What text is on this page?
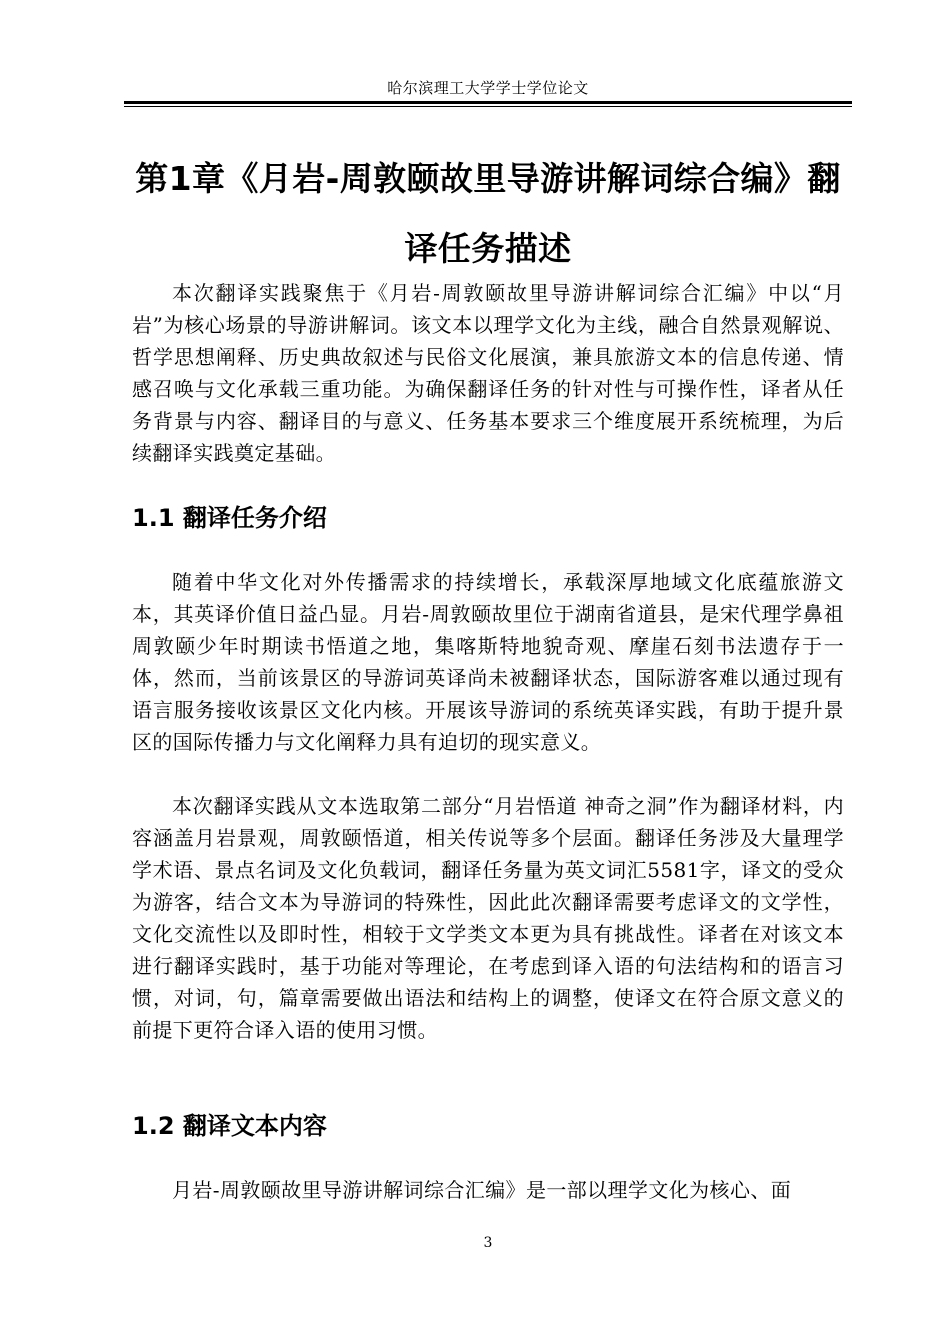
哈尔滨理工大学学士学位论文
第1章《月岩-周敦颐故里导游讲解词综合编》翻译任务描述

本次翻译实践聚焦于《月岩-周敦颐故里导游讲解词综合汇编》中以“月岩”为核心场景的导游讲解词。该文本以理学文化为主线，融合自然景观解说、哲学思想阐释、历史典故叙述与民俗文化展演，兼具旅游文本的信息传递、情感召唤与文化承载三重功能。为确保翻译任务的针对性与可操作性，译者从任务背景与内容、翻译目的与意义、任务基本要求三个维度展开系统梳理，为后续翻译实践奠定基础。

1.1 翻译任务介绍

随着中华文化对外传播需求的持续增长，承载深厚地域文化底蕴旅游文本，其英译价值日益凸显。月岩-周敦颐故里位于湖南省道县，是宋代理学鼻祖周敦颐少年时期读书悟道之地，集喀斯特地貌奇观、摩崖石刻书法遗存于一体，然而，当前该景区的导游词英译尚未被翻译状态，国际游客难以通过现有语言服务接收该景区文化内核。开展该导游词的系统英译实践，有助于提升景区的国际传播力与文化阐释力具有迫切的现实意义。

本次翻译实践从文本选取第二部分“月岩悟道 神奇之洞”作为翻译材料，内容涵盖月岩景观，周敦颐悟道，相关传说等多个层面。翻译任务涉及大量理学学术语、景点名词及文化负载词，翻译任务量为英文词汇5581字，译文的受众为游客，结合文本为导游词的特殊性，因此此次翻译需要考虑译文的文学性，文化交流性以及即时性，相较于文学类文本更为具有挑战性。译者在对该文本进行翻译实践时，基于功能对等理论，在考虑到译入语的句法结构和的语言习惯，对词，句，篇章需要做出语法和结构上的调整，使译文在符合原文意义的前提下更符合译入语的使用习惯。

1.2 翻译文本内容

月岩-周敦颐故里导游讲解词综合汇编》是一部以理学文化为核心、面

3
